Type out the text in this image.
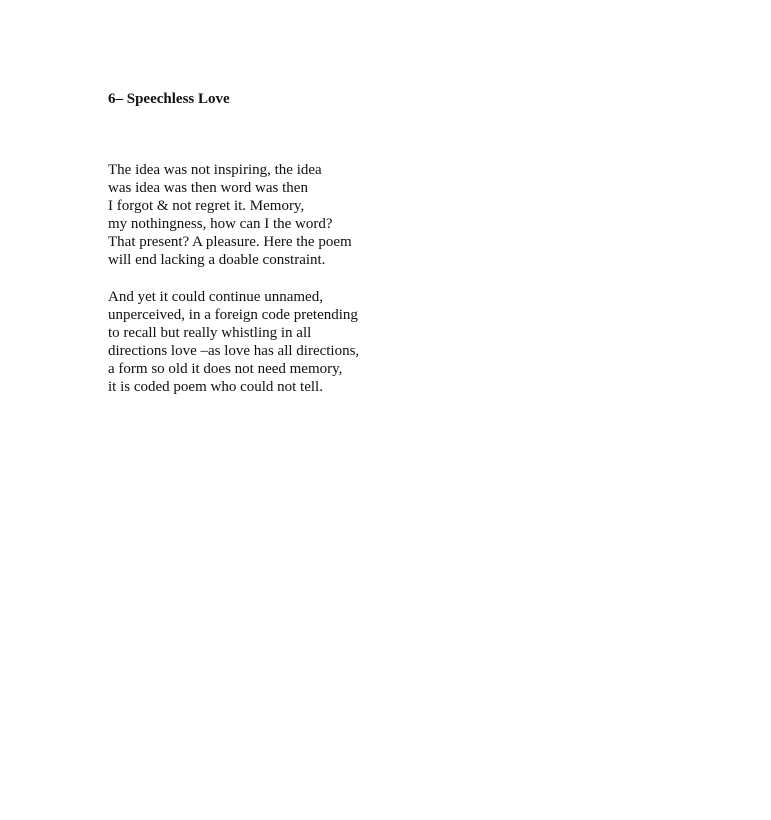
6– Speechless Love
The idea was not inspiring, the idea
was idea was then word was then
I forgot & not regret it. Memory,
my nothingness, how can I the word?
That present? A pleasure. Here the poem
will end lacking a doable constraint.
And yet it could continue unnamed,
unperceived, in a foreign code pretending
to recall but really whistling in all
directions love –as love has all directions,
a form so old it does not need memory,
it is coded poem who could not tell.
